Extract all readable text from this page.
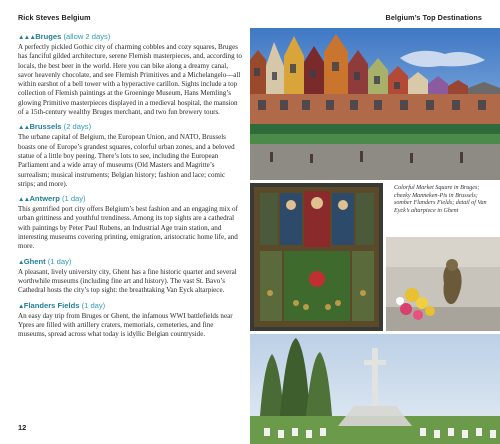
Rick Steves Belgium	Belgium’s Top Destinations

▲▲▲Bruges (allow 2 days)

A perfectly pickled Gothic city of charming cobbles and cozy squares, Bruges has fanciful gilded architecture, serene Flemish masterpieces, and, according to locals, the best beer in the world. Here you can bike along a dreamy canal, savor heavenly chocolate, and see Flemish Primitives and a Michelangelo—all within earshot of a bell tower with a hyperactive carillon. Sights include a top collection of Flemish paintings at the Groeninge Museum, Hans Memling’s glowing Primitive masterpieces displayed in a medieval hospital, the mansion of a 15th-century wealthy Bruges merchant, and two fun brewery tours.

▲▲Brussels (2 days)

The urbane capital of Belgium, the European Union, and NATO, Brussels boasts one of Europe’s grandest squares, colorful urban zones, and a beloved statue of a little boy peeing. There’s lots to see, including the European Parliament and a wide array of museums (Old Masters and Magritte’s surrealism; musical instruments; Belgian history; fashion and lace; comic strips; and more).

▲▲Antwerp (1 day)

This gentrified port city offers Belgium’s best fashion and an engaging mix of urban grittiness and youthful trendiness. Among its top sights are a cathedral with paintings by Peter Paul Rubens, an Industrial Age train station, and interesting museums covering printing, emigration, aristocratic home life, and more.

▲Ghent (1 day)

A pleasant, lively university city, Ghent has a fine historic quarter and several worthwhile museums (including fine art and history). The vast St. Bavo’s Cathedral hosts the city’s top sight: the breathtaking Van Eyck altarpiece.

▲Flanders Fields (1 day)

An easy day trip from Bruges or Ghent, the infamous WWI battlefields near Ypres are filled with artillery craters, memorials, cemeteries, and fine museums, spread across what today is idyllic Belgian countryside.

12

Colorful Market Square in Bruges; cheeky Manneken-Pis in Brussels; somber Flanders Fields; detail of Van Eyck’s altarpiece in Ghent
